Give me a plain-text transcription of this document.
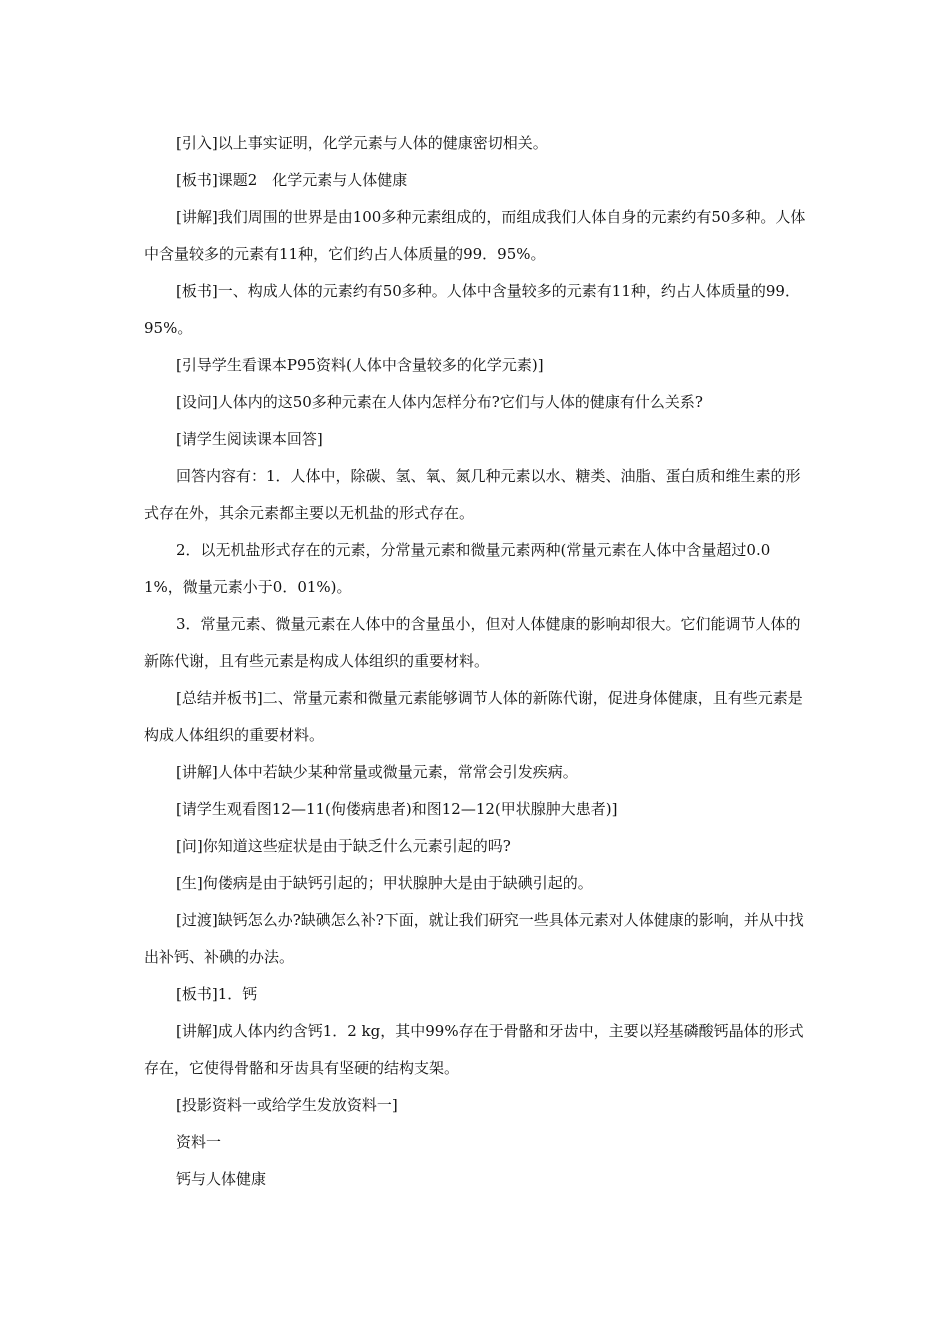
[引入]以上事实证明，化学元素与人体的健康密切相关。

[板书]课题2　化学元素与人体健康

[讲解]我们周围的世界是由100多种元素组成的，而组成我们人体自身的元素约有50多种。人体中含量较多的元素有11种，它们约占人体质量的99．95%。

[板书]一、构成人体的元素约有50多种。人体中含量较多的元素有11种，约占人体质量的99．95%。

[引导学生看课本P95资料(人体中含量较多的化学元素)]

[设问]人体内的这50多种元素在人体内怎样分布?它们与人体的健康有什么关系?

[请学生阅读课本回答]

回答内容有：1．人体中，除碳、氢、氧、氮几种元素以水、糖类、油脂、蛋白质和维生素的形式存在外，其余元素都主要以无机盐的形式存在。

2．以无机盐形式存在的元素，分常量元素和微量元素两种(常量元素在人体中含量超过0.01%，微量元素小于0．01%)。

3．常量元素、微量元素在人体中的含量虽小，但对人体健康的影响却很大。它们能调节人体的新陈代谢，且有些元素是构成人体组织的重要材料。

[总结并板书]二、常量元素和微量元素能够调节人体的新陈代谢，促进身体健康，且有些元素是构成人体组织的重要材料。

[讲解]人体中若缺少某种常量或微量元素，常常会引发疾病。

[请学生观看图12—11(佝偻病患者)和图12—12(甲状腺肿大患者)]

[问]你知道这些症状是由于缺乏什么元素引起的吗?

[生]佝偻病是由于缺钙引起的；甲状腺肿大是由于缺碘引起的。

[过渡]缺钙怎么办?缺碘怎么补?下面，就让我们研究一些具体元素对人体健康的影响，并从中找出补钙、补碘的办法。

[板书]1．钙

[讲解]成人体内约含钙1．2 kg，其中99%存在于骨骼和牙齿中，主要以羟基磷酸钙晶体的形式存在，它使得骨骼和牙齿具有坚硬的结构支架。

[投影资料一或给学生发放资料一]

资料一

钙与人体健康
